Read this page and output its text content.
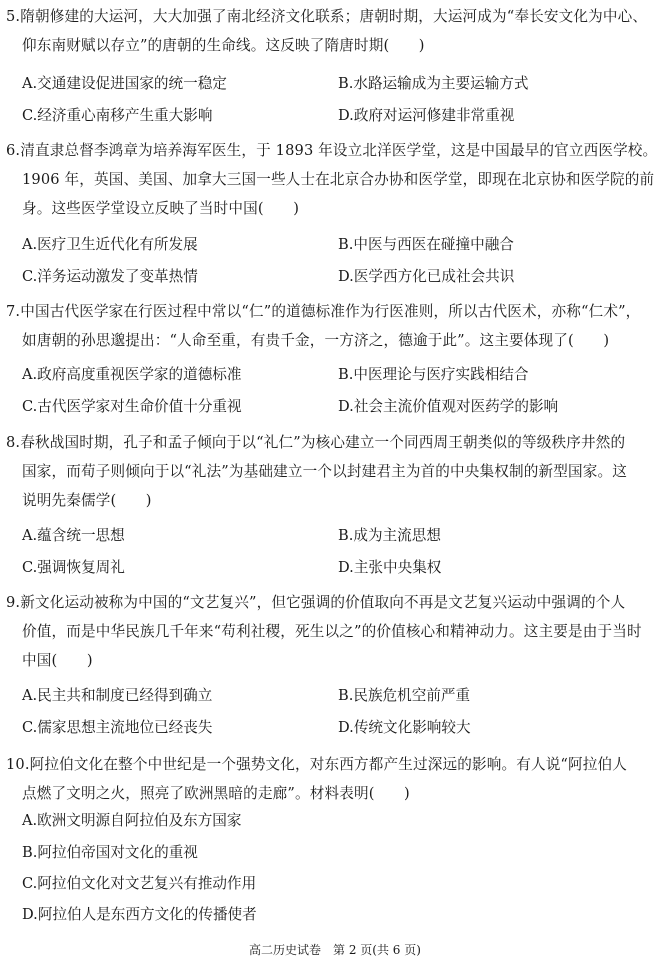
5.隋朝修建的大运河，大大加强了南北经济文化联系；唐朝时期，大运河成为“奉长安文化为中心、
仰东南财赋以存立”的唐朝的生命线。这反映了隋唐时期(　　)
A.交通建设促进国家的统一稳定	B.水路运输成为主要运输方式
C.经济重心南移产生重大影响	D.政府对运河修建非常重视
6.清直隶总督李鸿章为培养海军医生，于 1893 年设立北洋医学堂，这是中国最早的官立西医学校。
1906 年，英国、美国、加拿大三国一些人士在北京合办协和医学堂，即现在北京协和医学院的前
身。这些医学堂设立反映了当时中国(　　)
A.医疗卫生近代化有所发展	B.中医与西医在碰撞中融合
C.洋务运动激发了变革热情	D.医学西方化已成社会共识
7.中国古代医学家在行医过程中常以“仁”的道德标准作为行医准则，所以古代医术，亦称“仁术”，
如唐朝的孙思邈提出：“人命至重，有贵千金，一方济之，德逾于此”。这主要体现了(　　)
A.政府高度重视医学家的道德标准	B.中医理论与医疗实践相结合
C.古代医学家对生命价值十分重视	D.社会主流价值观对医药学的影响
8.春秋战国时期，孔子和孟子倾向于以“礼仁”为核心建立一个同西周王朝类似的等级秩序井然的
国家，而荀子则倾向于以“礼法”为基础建立一个以封建君主为首的中央集权制的新型国家。这
说明先秦儒学(　　)
A.蕴含统一思想	B.成为主流思想
C.强调恢复周礼	D.主张中央集权
9.新文化运动被称为中国的“文艺复兴”，但它强调的价值取向不再是文艺复兴运动中强调的个人
价值，而是中华民族几千年来“苟利社稷，死生以之”的价值核心和精神动力。这主要是由于当时
中国(　　)
A.民主共和制度已经得到确立	B.民族危机空前严重
C.儒家思想主流地位已经丧失	D.传统文化影响较大
10.阿拉伯文化在整个中世纪是一个强势文化，对东西方都产生过深远的影响。有人说“阿拉伯人
点燃了文明之火，照亮了欧洲黑暗的走廊”。材料表明(　　)
A.欧洲文明源自阿拉伯及东方国家
B.阿拉伯帝国对文化的重视
C.阿拉伯文化对文艺复兴有推动作用
D.阿拉伯人是东西方文化的传播使者
高二历史试卷　第 2 页(共 6 页)
